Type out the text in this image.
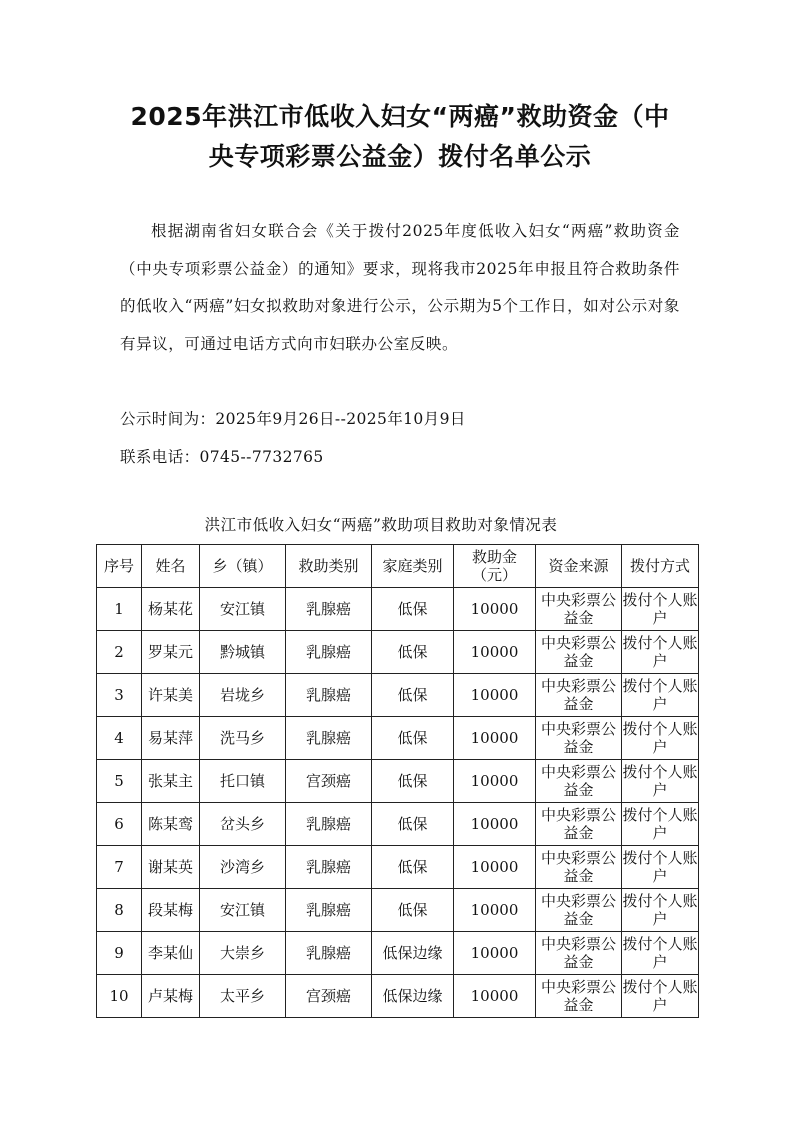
2025年洪江市低收入妇女“两癌”救助资金（中
央专项彩票公益金）拨付名单公示

根据湖南省妇女联合会《关于拨付2025年度低收入妇女“两癌”救助资金（中央专项彩票公益金）的通知》要求，现将我市2025年申报且符合救助条件的低收入“两癌”妇女拟救助对象进行公示，公示期为5个工作日，如对公示对象有异议，可通过电话方式向市妇联办公室反映。

公示时间为：2025年9月26日--2025年10月9日
联系电话：0745--7732765
洪江市低收入妇女“两癌”救助项目救助对象情况表
序号	姓名	乡（镇）	救助类别	家庭类别	救助金（元）	资金来源	拨付方式
1	杨某花	安江镇	乳腺癌	低保	10000	中央彩票公益金	拨付个人账户
2	罗某元	黔城镇	乳腺癌	低保	10000	中央彩票公益金	拨付个人账户
3	许某美	岩垅乡	乳腺癌	低保	10000	中央彩票公益金	拨付个人账户
4	易某萍	洗马乡	乳腺癌	低保	10000	中央彩票公益金	拨付个人账户
5	张某主	托口镇	宫颈癌	低保	10000	中央彩票公益金	拨付个人账户
6	陈某鸾	岔头乡	乳腺癌	低保	10000	中央彩票公益金	拨付个人账户
7	谢某英	沙湾乡	乳腺癌	低保	10000	中央彩票公益金	拨付个人账户
8	段某梅	安江镇	乳腺癌	低保	10000	中央彩票公益金	拨付个人账户
9	李某仙	大崇乡	乳腺癌	低保边缘	10000	中央彩票公益金	拨付个人账户
10	卢某梅	太平乡	宫颈癌	低保边缘	10000	中央彩票公益金	拨付个人账户
